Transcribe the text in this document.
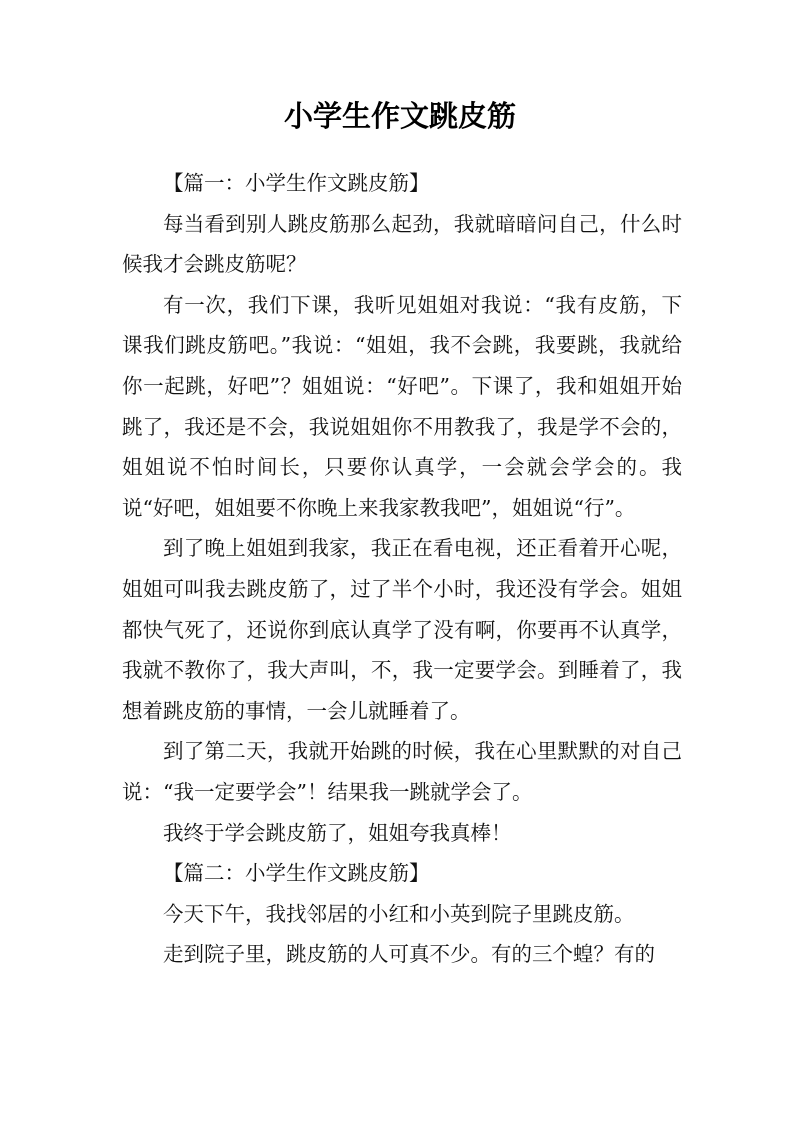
小学生作文跳皮筋

【篇一：小学生作文跳皮筋】

每当看到别人跳皮筋那么起劲，我就暗暗问自己，什么时候我才会跳皮筋呢？

有一次，我们下课，我听见姐姐对我说：“我有皮筋，下课我们跳皮筋吧。”我说：“姐姐，我不会跳，我要跳，我就给你一起跳，好吧”？姐姐说：“好吧”。下课了，我和姐姐开始跳了，我还是不会，我说姐姐你不用教我了，我是学不会的，姐姐说不怕时间长，只要你认真学，一会就会学会的。我说“好吧，姐姐要不你晚上来我家教我吧”，姐姐说“行”。

到了晚上姐姐到我家，我正在看电视，还正看着开心呢，姐姐可叫我去跳皮筋了，过了半个小时，我还没有学会。姐姐都快气死了，还说你到底认真学了没有啊，你要再不认真学，我就不教你了，我大声叫，不，我一定要学会。到睡着了，我想着跳皮筋的事情，一会儿就睡着了。

到了第二天，我就开始跳的时候，我在心里默默的对自己说：“我一定要学会”！结果我一跳就学会了。

我终于学会跳皮筋了，姐姐夸我真棒！

【篇二：小学生作文跳皮筋】

今天下午，我找邻居的小红和小英到院子里跳皮筋。

走到院子里，跳皮筋的人可真不少。有的三个蝗？有的
